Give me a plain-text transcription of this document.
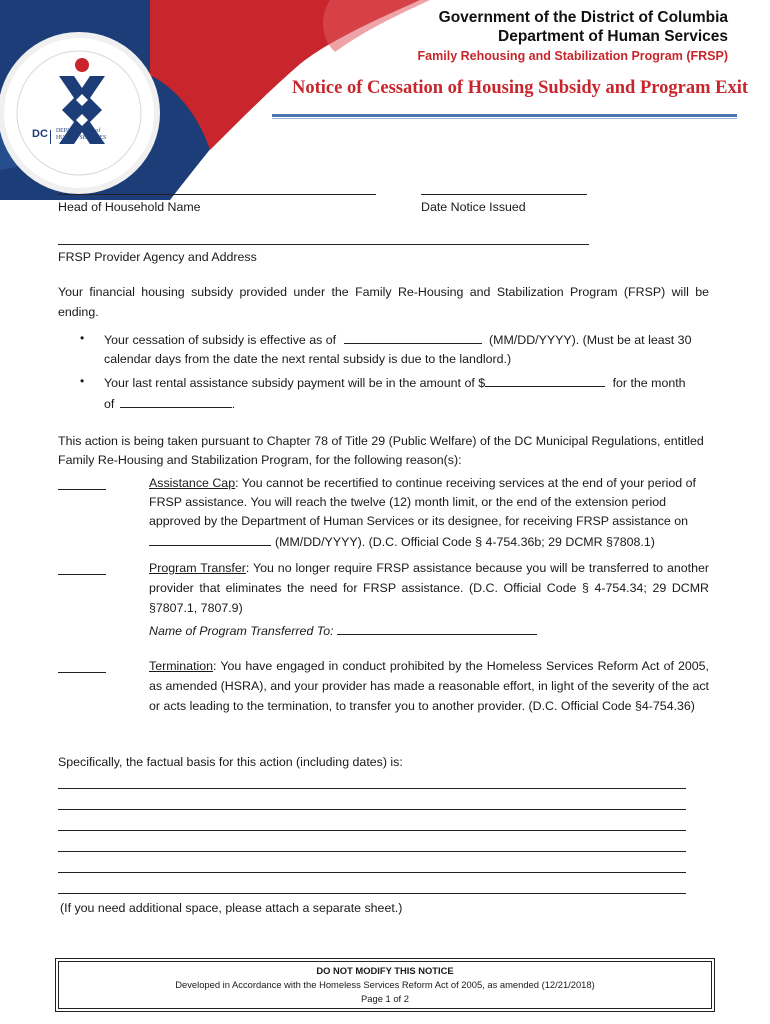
DC DEPARTMENT of
HUMAN SERVICES
Government of the District of Columbia
Department of Human Services
Family Rehousing and Stabilization Program (FRSP)
Notice of Cessation of Housing Subsidy and Program Exit
Head of Household Name	Date Notice Issued
FRSP Provider Agency and Address
Your financial housing subsidy provided under the Family Re-Housing and Stabilization Program (FRSP) will be ending.
• Your cessation of subsidy is effective as of	(MM/DD/YYYY). (Must be at least 30
calendar days from the date the next rental subsidy is due to the landlord.)
• Your last rental assistance subsidy payment will be in the amount of $	for the month
of	.
This action is being taken pursuant to Chapter 78 of Title 29 (Public Welfare) of the DC Municipal Regulations, entitled Family Re-Housing and Stabilization Program, for the following reason(s):
Assistance Cap: You cannot be recertified to continue receiving services at the end of your period of FRSP assistance. You will reach the twelve (12) month limit, or the end of the extension period approved by the Department of Human Services or its designee, for receiving FRSP assistance on
(MM/DD/YYYY). (D.C. Official Code § 4-754.36b; 29 DCMR §7808.1)
Program Transfer: You no longer require FRSP assistance because you will be transferred to another provider that eliminates the need for FRSP assistance. (D.C. Official Code § 4-754.34; 29 DCMR §7807.1, 7807.9)
Name of Program Transferred To:
Termination: You have engaged in conduct prohibited by the Homeless Services Reform Act of 2005, as amended (HSRA), and your provider has made a reasonable effort, in light of the severity of the act or acts leading to the termination, to transfer you to another provider. (D.C. Official Code §4-754.36)
Specifically, the factual basis for this action (including dates) is:
(If you need additional space, please attach a separate sheet.)
DO NOT MODIFY THIS NOTICE
Developed in Accordance with the Homeless Services Reform Act of 2005, as amended (12/21/2018)
Page 1 of 2
